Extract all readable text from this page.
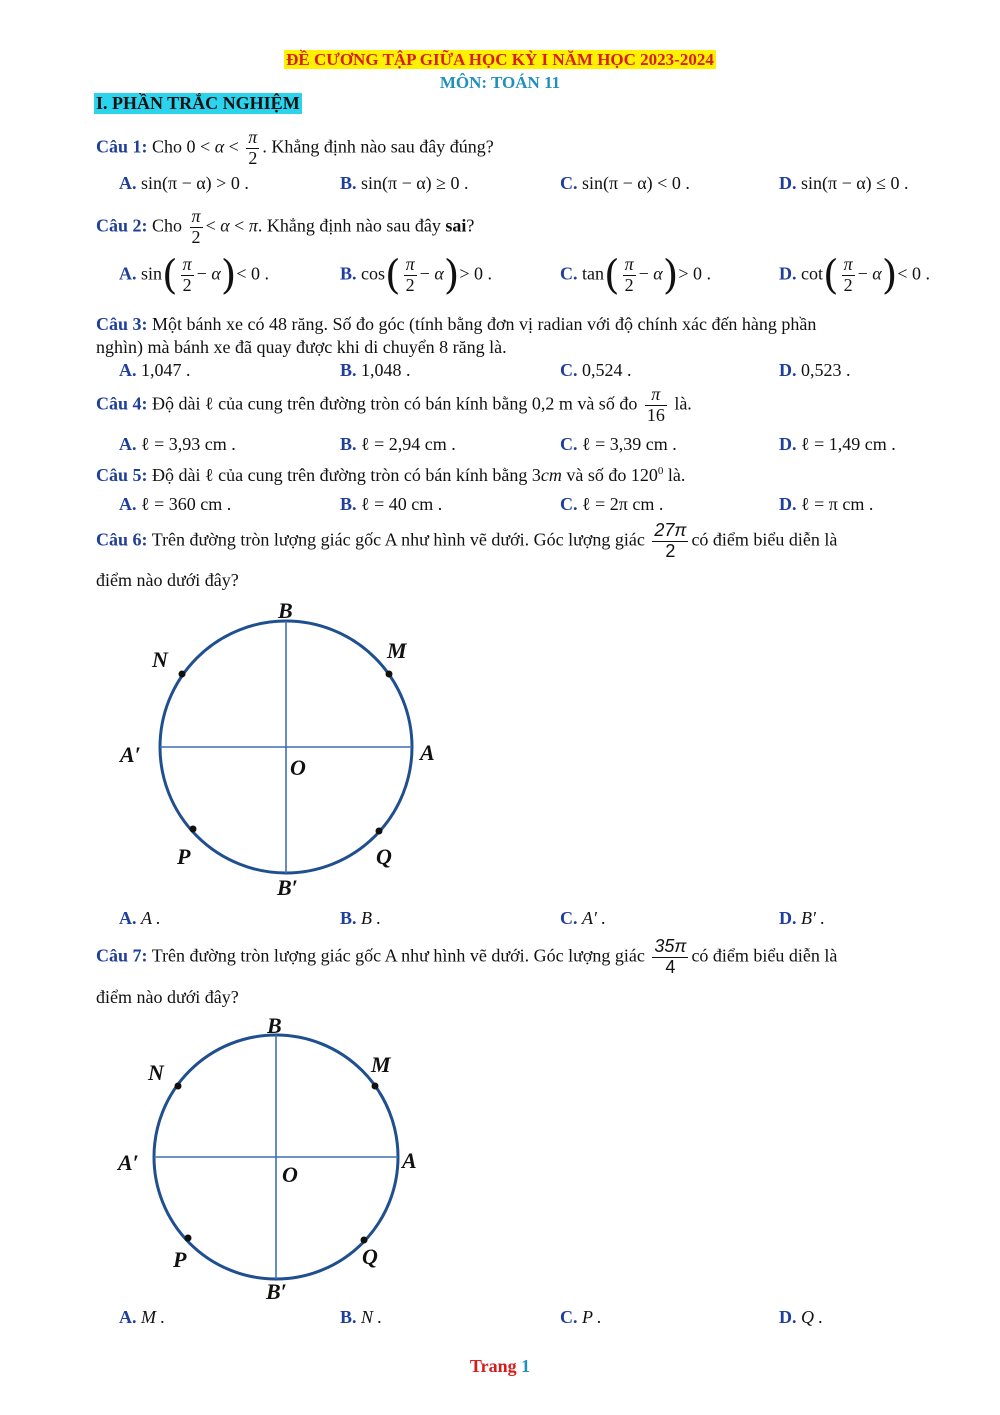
ĐỀ CƯƠNG TẬP GIỮA HỌC KỲ I NĂM HỌC 2023-2024
MÔN: TOÁN 11
I. PHẦN TRẮC NGHIỆM
Câu 1: Cho $0 < \alpha < \frac{\pi}{2}$ . Khẳng định nào sau đây đúng?
A. sin(π − α) > 0 .	B. sin(π − α) ≥ 0 .	C. sin(π − α) < 0 .	D. sin(π − α) ≤ 0 .
Câu 2: Cho $\frac{\pi}{2} < \alpha < \pi$. Khẳng định nào sau đây sai?
A. $\sin( \frac{\pi}{2} - \alpha)< 0$ .	B. $\cos( \frac{\pi}{2} - \alpha)> 0$ .	C. $\tan( \frac{\pi}{2} - \alpha)> 0$ .	D. $\cot( \frac{\pi}{2} - \alpha)< 0$ .
Câu 3: Một bánh xe có 48 răng. Số đo góc (tính bằng đơn vị radian với độ chính xác đến hàng phần
nghìn) mà bánh xe đã quay được khi di chuyển 8 răng là.
A. 1,047 .	B. 1,048 .	C. 0,524 .	D. 0,523 .
Câu 4: Độ dài ℓ của cung trên đường tròn có bán kính bằng 0,2 m và số đo $\frac{\pi}{16}$ là.
A. ℓ = 3,93 cm .	B. ℓ = 2,94 cm .	C. ℓ = 3,39 cm .	D. ℓ = 1,49 cm .
Câu 5: Độ dài ℓ của cung trên đường tròn có bán kính bằng 3cm và số đo $120^0$ là.
A. ℓ = 360 cm .	B. ℓ = 40 cm .	C. ℓ = 2π cm .	D. ℓ = π cm .
Câu 6: Trên đường tròn lượng giác gốc A như hình vẽ dưới. Góc lượng giác $\frac{27\pi}{2}$ có điểm biểu diễn là
điểm nào dưới đây?
B
N	M
A′	A
O
P	Q
B′
A. A .	B. B .	C. A′ .	D. B′ .
Câu 7: Trên đường tròn lượng giác gốc A như hình vẽ dưới. Góc lượng giác $\frac{35\pi}{4}$ có điểm biểu diễn là
điểm nào dưới đây?
B
N	M
A′	A
O
P	Q
B′
A. M .	B. N .	C. P .	D. Q .
Trang 1
